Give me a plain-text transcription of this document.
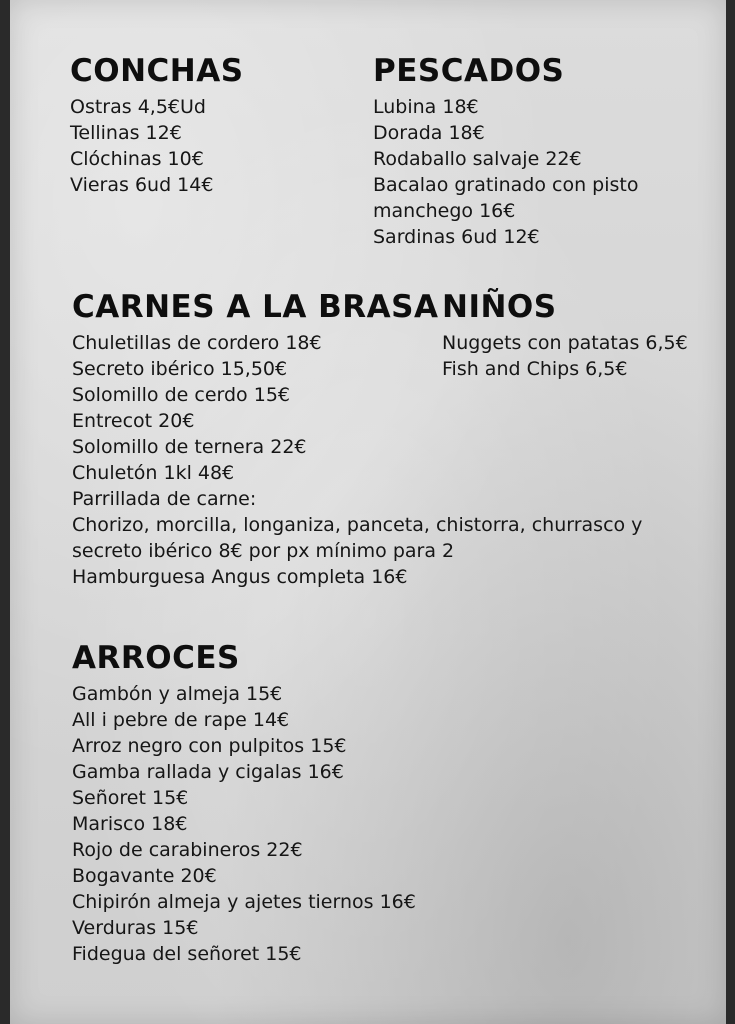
CONCHAS
Ostras 4,5€Ud
Tellinas 12€
Clóchinas 10€
Vieras 6ud 14€
PESCADOS
Lubina 18€
Dorada 18€
Rodaballo salvaje 22€
Bacalao gratinado con pisto manchego 16€
Sardinas 6ud 12€
CARNES A LA BRASA
Chuletillas de cordero 18€
Secreto ibérico 15,50€
Solomillo de cerdo 15€
Entrecot 20€
Solomillo de ternera 22€
Chuletón 1kl 48€
Parrillada de carne:
Chorizo, morcilla, longaniza, panceta, chistorra, churrasco y secreto ibérico 8€ por px mínimo para 2
Hamburguesa Angus completa 16€
NIÑOS
Nuggets con patatas 6,5€
Fish and Chips 6,5€
ARROCES
Gambón y almeja 15€
All i pebre de rape 14€
Arroz negro con pulpitos 15€
Gamba rallada y cigalas 16€
Señoret 15€
Marisco 18€
Rojo de carabineros 22€
Bogavante 20€
Chipirón almeja y ajetes tiernos 16€
Verduras 15€
Fidegua del señoret 15€
